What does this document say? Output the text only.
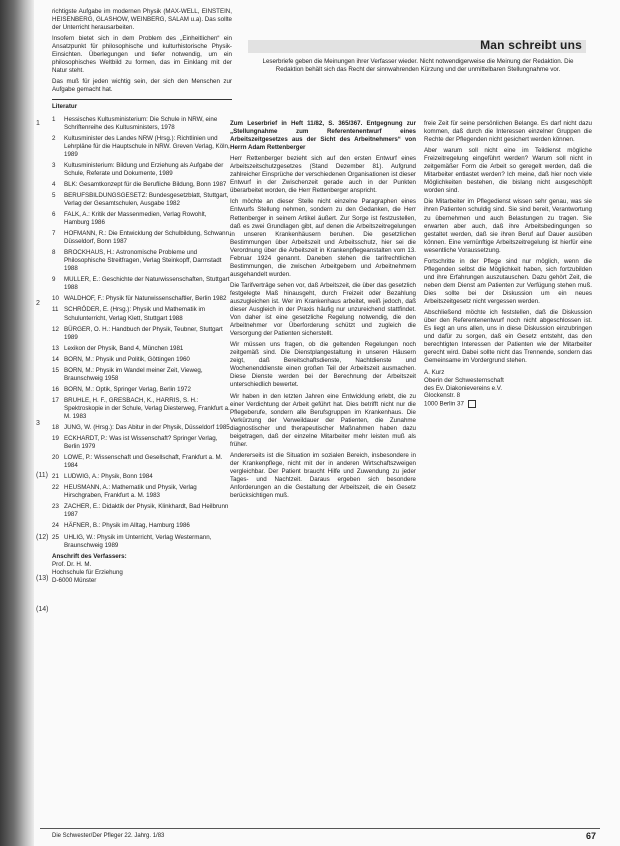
1
2
3
(11)
(12)
(13)
(14)

richtigste Aufgabe im modernen Physik (MAX-WELL, EINSTEIN, HEISENBERG, GLASHOW, WEINBERG, SALAM u.a). Das sollte der Unterricht herausarbeiten.

Insofern bietet sich in dem Problem des „Einheitlichen“ ein Ansatzpunkt für philosophische und kulturhistorische Physik-Einsichten. Überlegungen und tiefer notwendig, um ein philosophisches Weltbild zu formen, das im Einklang mit der Natur steht.

Das muß für jeden wichtig sein, der sich den Menschen zur Aufgabe gemacht hat.

Literatur
1	Hessisches Kultusministerium: Die Schule in NRW, eine Schriftenreihe des Kultusministers, 1978
2	Kultusminister des Landes NRW (Hrsg.): Richtlinien und Lehrpläne für die Hauptschule in NRW. Greven Verlag, Köln, 1989
3	Kultusministerium: Bildung und Erziehung als Aufgabe der Schule, Referate und Dokumente, 1989
4	BLK: Gesamtkonzept für die Berufliche Bildung, Bonn 1987
5	BERUFSBILDUNGSGESETZ: Bundesgesetzblatt, Stuttgart, Verlag der Gesamtschulen, Ausgabe 1982
6	FALK, A.: Kritik der Massenmedien, Verlag Rowohlt, Hamburg 1986
7	HOFMANN, R.: Die Entwicklung der Schulbildung, Schwann, Düsseldorf, Bonn 1987
8	BROCKHAUS, H.: Astronomische Probleme und Philosophische Streitfragen, Verlag Steinkopff, Darmstadt 1988
9	MULLER, E.: Geschichte der Naturwissenschaften, Stuttgart 1988
10 WALDHOF, F.: Physik für Naturwissenschaftler, Berlin 1982
11 SCHRÖDER, E. (Hrsg.): Physik und Mathematik im Schulunterricht, Verlag Klett, Stuttgart 1988
12 BÜRGER, O. H.: Handbuch der Physik, Teubner, Stuttgart 1989
13 Lexikon der Physik, Band 4, München 1981
14 BORN, M.: Physik und Politik, Göttingen 1960
15 BORN, M.: Physik im Wandel meiner Zeit, Vieweg, Braunschweig 1958
16 BORN, M.: Optik, Springer Verlag, Berlin 1972
17 BRUHLE, H. F., GRESBACH, K., HARRIS, S. H.: Spektroskopie in der Schule, Verlag Diesterweg, Frankfurt a. M. 1983
18 JUNG, W. (Hrsg.): Das Abitur in der Physik, Düsseldorf 1985
19 ECKHARDT, P.: Was ist Wissenschaft? Springer Verlag, Berlin 1979
20 LOWE, P.: Wissenschaft und Gesellschaft, Frankfurt a. M. 1984
21 LUDWIG, A.: Physik, Bonn 1984
22 HEUSMANN, A.: Mathematik und Physik, Verlag Hirschgraben, Frankfurt a. M. 1983
23 ZACHER, E.: Didaktik der Physik, Klinkhardt, Bad Heilbrunn 1987
24 HÄFNER, B.: Physik im Alltag, Hamburg 1986
25 UHLIG, W.: Physik im Unterricht, Verlag Westermann, Braunschweig 1989
Anschrift des Verfassers:
Prof. Dr. H. M.
Hochschule für Erziehung
D-6000 Münster
Man schreibt uns
Leserbriefe geben die Meinungen ihrer Verfasser wieder. Nicht notwendigerweise die Meinung der Redaktion. Die Redaktion behält sich das Recht der sinnwahrenden Kürzung und der unmittelbaren Stellungnahme vor.

Zum Leserbrief in Heft 11/82, S. 365/367. Entgegnung zur „Stellungnahme zum Referentenentwurf eines Arbeitszeitgesetzes aus der Sicht des Arbeitnehmers“ von Herrn Adam Rettenberger

Herr Rettenberger bezieht sich auf den ersten Entwurf eines Arbeitszeitschutzgesetzes (Stand Dezember 81). Aufgrund zahlreicher Einsprüche der verschiedenen Organisationen ist dieser Entwurf in der Zwischenzeit gerade auch in der Punkten überarbeitet worden, die Herr Rettenberger anspricht.

Ich möchte an dieser Stelle nicht einzelne Paragraphen eines Entwurfs Stellung nehmen, sondern zu den Gedanken, die Herr Rettenberger in seinem Artikel äußert. Zur Sorge ist festzustellen, daß es zwei Grundlagen gibt, auf denen die Arbeitszeitregelungen in unseren Krankenhäusern beruhen. Die gesetzlichen Bestimmungen über Arbeitszeit und Arbeitsschutz, hier sei die Verordnung über die Arbeitszeit in Krankenpflegeanstalten vom 13. Februar 1924 genannt. Daneben stehen die tarifrechtlichen Bestimmungen, die zwischen Arbeitgebern und Arbeitnehmern ausgehandelt wurden.

Die Tarifverträge sehen vor, daß Arbeitszeit, die über das gesetzlich festgelegte Maß hinausgeht, durch Freizeit oder Bezahlung auszugleichen ist. Wer im Krankenhaus arbeitet, weiß jedoch, daß dieser Ausgleich in der Praxis häufig nur unzureichend stattfindet. Von daher ist eine gesetzliche Regelung notwendig, die den Arbeitnehmer vor Überforderung schützt und zugleich die Versorgung der Patienten sicherstellt.

Wir müssen uns fragen, ob die geltenden Regelungen noch zeitgemäß sind. Die Dienstplangestaltung in unseren Häusern zeigt, daß Bereitschaftsdienste, Nachtdienste und Wochenenddienste einen großen Teil der Arbeitszeit ausmachen. Diese Dienste werden bei der Berechnung der Arbeitszeit unterschiedlich bewertet.

Wir haben in den letzten Jahren eine Entwicklung erlebt, die zu einer Verdichtung der Arbeit geführt hat. Dies betrifft nicht nur die Pflegeberufe, sondern alle Berufsgruppen im Krankenhaus. Die Verkürzung der Verweildauer der Patienten, die Zunahme diagnostischer und therapeutischer Maßnahmen haben dazu beigetragen, daß der einzelne Mitarbeiter mehr leisten muß als früher.

Andererseits ist die Situation im sozialen Bereich, insbesondere in der Krankenpflege, nicht mit der in anderen Wirtschaftszweigen vergleichbar. Der Patient braucht Hilfe und Zuwendung zu jeder Tages- und Nachtzeit. Daraus ergeben sich besondere Anforderungen an die Gestaltung der Arbeitszeit, die ein Gesetz berücksichtigen muß.

freie Zeit für seine persönlichen Belange. Es darf nicht dazu kommen, daß durch die Interessen einzelner Gruppen die Rechte der Pflegenden nicht gesichert werden können.

Aber warum soll nicht eine im Teildienst mögliche Freizeitregelung eingeführt werden? Warum soll nicht in zeitgemäßer Form die Arbeit so geregelt werden, daß die Mitarbeiter entlastet werden? Ich meine, daß hier noch viele Möglichkeiten bestehen, die bislang nicht ausgeschöpft worden sind.

Die Mitarbeiter im Pflegedienst wissen sehr genau, was sie ihren Patienten schuldig sind. Sie sind bereit, Verantwortung zu übernehmen und auch Belastungen zu tragen. Sie erwarten aber auch, daß ihre Arbeitsbedingungen so gestaltet werden, daß sie ihren Beruf auf Dauer ausüben können. Eine vernünftige Arbeitszeitregelung ist hierfür eine wesentliche Voraussetzung.

Fortschritte in der Pflege sind nur möglich, wenn die Pflegenden selbst die Möglichkeit haben, sich fortzubilden und ihre Erfahrungen auszutauschen. Dazu gehört Zeit, die neben dem Dienst am Patienten zur Verfügung stehen muß. Dies sollte bei der Diskussion um ein neues Arbeitszeitgesetz nicht vergessen werden.

Abschließend möchte ich feststellen, daß die Diskussion über den Referentenentwurf noch nicht abgeschlossen ist. Es liegt an uns allen, uns in diese Diskussion einzubringen und dafür zu sorgen, daß ein Gesetz entsteht, das den berechtigten Interessen der Patienten wie der Mitarbeiter gerecht wird. Dabei sollte nicht das Trennende, sondern das Gemeinsame im Vordergrund stehen.

A. Kurz
Oberin der Schwesternschaft
des Ev. Diakonievereins e.V.
Glockenstr. 8
1000 Berlin 37
Die Schwester/Der Pfleger 22. Jahrg. 1/83	67
